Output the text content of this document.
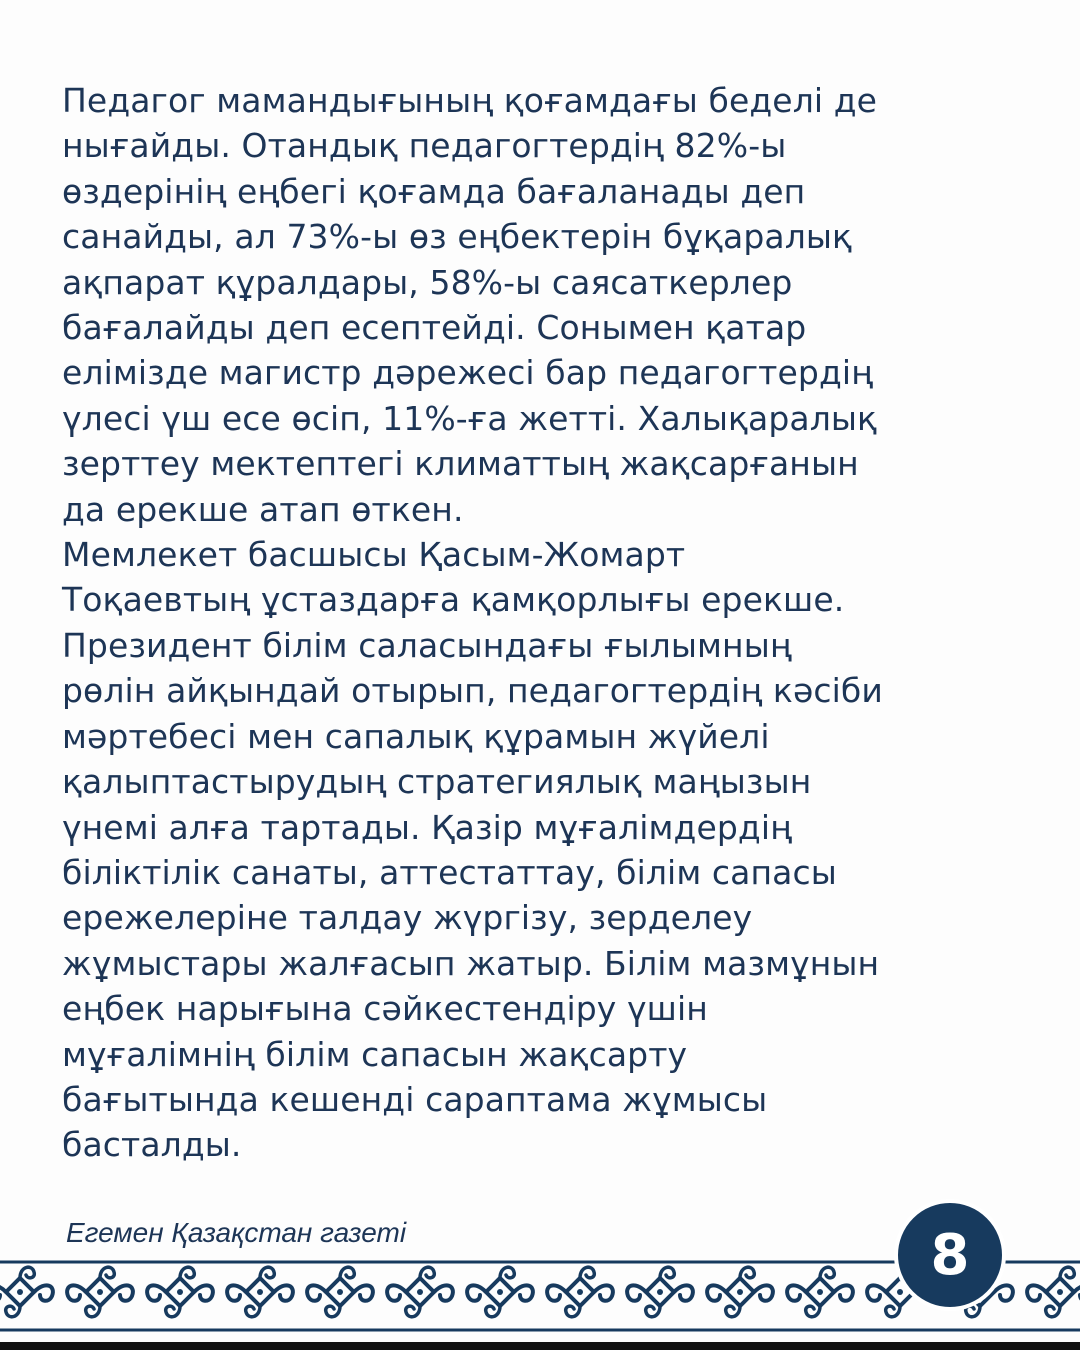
Педагог мамандығының қоғамдағы беделі де
нығайды. Отандық педагогтердің 82%-ы
өздерінің еңбегі қоғамда бағаланады деп
санайды, ал 73%-ы өз еңбектерін бұқаралық
ақпарат құралдары, 58%-ы саясаткерлер
бағалайды деп есептейді. Сонымен қатар
елімізде магистр дәрежесі бар педагогтердің
үлесі үш есе өсіп, 11%-ға жетті. Халықаралық
зерттеу мектептегі климаттың жақсарғанын
да ерекше атап өткен.
Мемлекет басшысы Қасым-Жомарт
Тоқаевтың ұстаздарға қамқорлығы ерекше.
Президент білім саласындағы ғылымның
рөлін айқындай отырып, педагогтердің кәсіби
мәртебесі мен сапалық құрамын жүйелі
қалыптастырудың стратегиялық маңызын
үнемі алға тартады. Қазір мұғалімдердің
біліктілік санаты, аттестаттау, білім сапасы
ережелеріне талдау жүргізу, зерделеу
жұмыстары жалғасып жатыр. Білім мазмұнын
еңбек нарығына сәйкестендіру үшін
мұғалімнің білім сапасын жақсарту
бағытында кешенді сараптама жұмысы
басталды.

Егемен Қазақстан газеті	8
